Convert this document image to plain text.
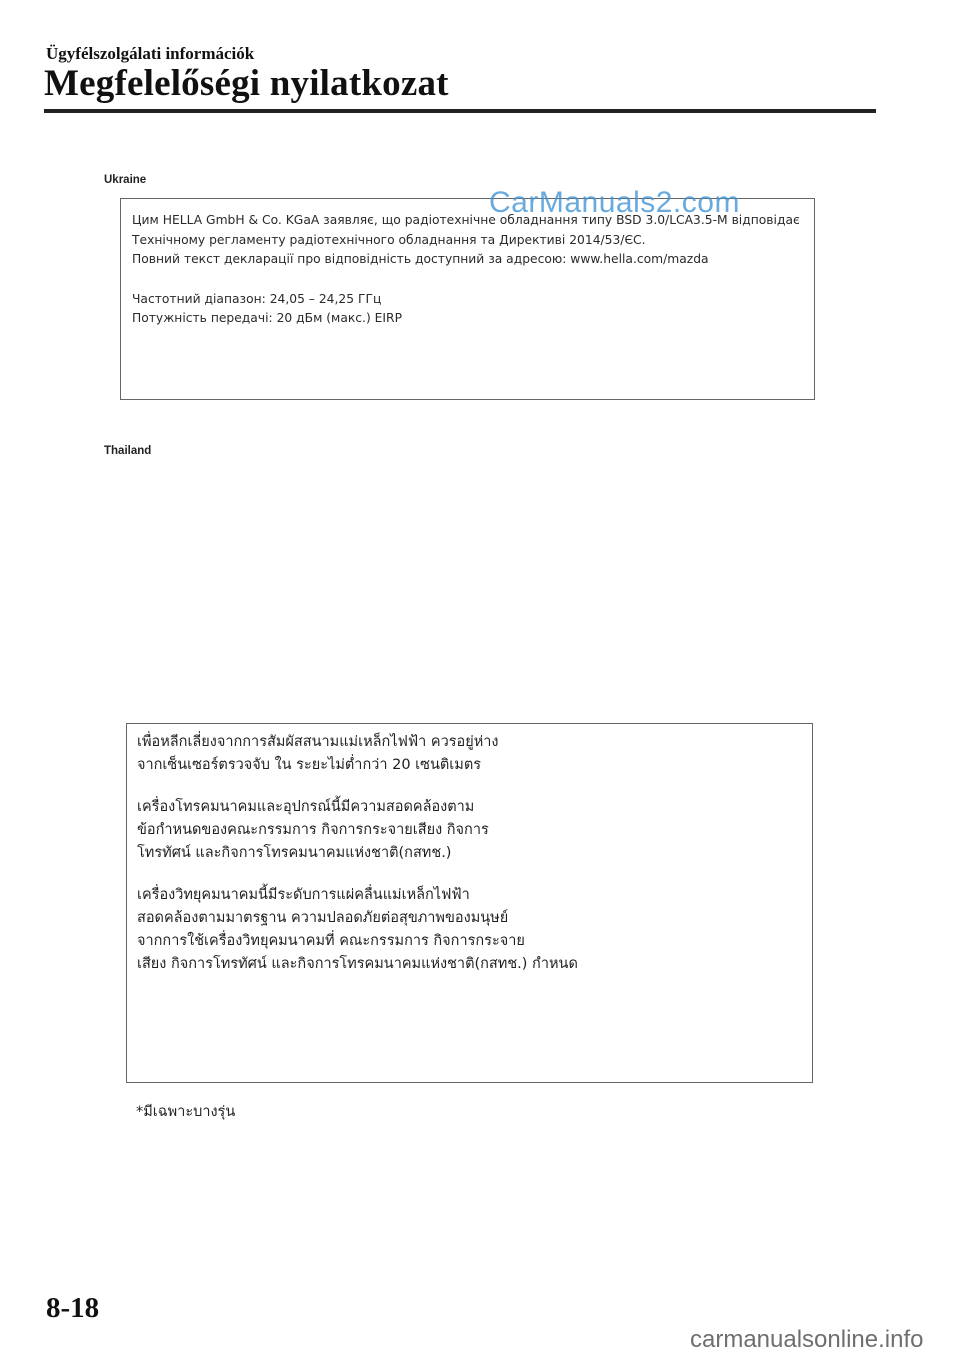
Ügyfélszolgálati információk
Megfelelőségi nyilatkozat
Ukraine

Цим HELLA GmbH & Co. KGaA заявляє, що радіотехнічне обладнання типу BSD 3.0/LCA3.5-M відповідає

Технічному регламенту радіотехнічного обладнання та Директиві 2014/53/ЄС.

Повний текст декларації про відповідність доступний за адресою: www.hella.com/mazda

Частотний діапазон: 24,05 – 24,25 ГГц

Потужність передачі: 20 дБм (макс.) EIRP

CarManuals2.com
Thailand

เพื่อหลีกเลี่ยงจากการสัมผัสสนามแม่เหล็กไฟฟ้า ควรอยู่ห่าง

จากเซ็นเซอร์ตรวจจับ ใน ระยะไม่ต่ำกว่า 20 เซนติเมตร

เครื่องโทรคมนาคมและอุปกรณ์นี้มีความสอดคล้องตาม

ข้อกำหนดของคณะกรรมการ กิจการกระจายเสียง กิจการ

โทรทัศน์ และกิจการโทรคมนาคมแห่งชาติ(กสทช.)

เครื่องวิทยุคมนาคมนี้มีระดับการแผ่คลื่นแม่เหล็กไฟฟ้า

สอดคล้องตามมาตรฐาน ความปลอดภัยต่อสุขภาพของมนุษย์

จากการใช้เครื่องวิทยุคมนาคมที่ คณะกรรมการ กิจการกระจาย

เสียง กิจการโทรทัศน์ และกิจการโทรคมนาคมแห่งชาติ(กสทช.) กำหนด

*มีเฉพาะบางรุ่น
8-18
carmanualsonline.info
